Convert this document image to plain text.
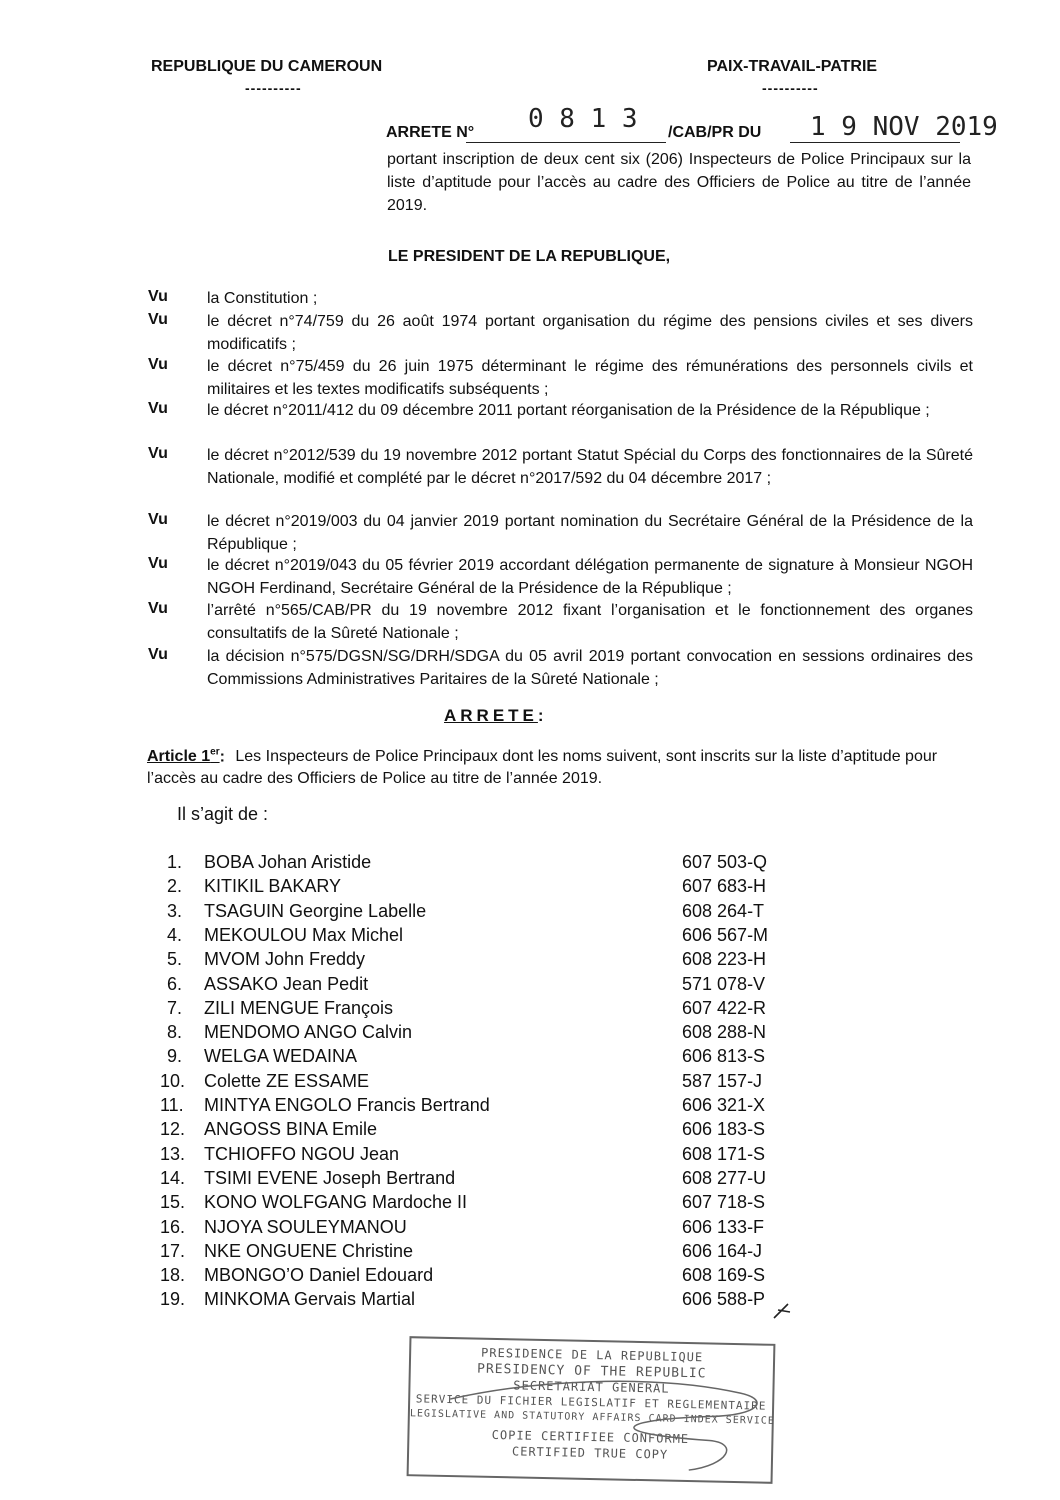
REPUBLIQUE DU CAMEROUN
----------
PAIX-TRAVAIL-PATRIE
----------
ARRETE N° 0 8 1 3 /CAB/PR DU 1 9 NOV 2019
portant inscription de deux cent six (206) Inspecteurs de Police Principaux sur la liste d’aptitude pour l’accès au cadre des Officiers de Police au titre de l’année 2019.
LE PRESIDENT DE LA REPUBLIQUE,
Vu la Constitution ;
Vu le décret n°74/759 du 26 août 1974 portant organisation du régime des pensions civiles et ses divers modificatifs ;
Vu le décret n°75/459 du 26 juin 1975 déterminant le régime des rémunérations des personnels civils et militaires et les textes modificatifs subséquents ;
Vu le décret n°2011/412 du 09 décembre 2011 portant réorganisation de la Présidence de la République ;
Vu le décret n°2012/539 du 19 novembre 2012 portant Statut Spécial du Corps des fonctionnaires de la Sûreté Nationale, modifié et complété par le décret n°2017/592 du 04 décembre 2017 ;
Vu le décret n°2019/003 du 04 janvier 2019 portant nomination du Secrétaire Général de la Présidence de la République ;
Vu le décret n°2019/043 du 05 février 2019 accordant délégation permanente de signature à Monsieur NGOH NGOH Ferdinand, Secrétaire Général de la Présidence de la République ;
Vu l’arrêté n°565/CAB/PR du 19 novembre 2012 fixant l’organisation et le fonctionnement des organes consultatifs de la Sûreté Nationale ;
Vu la décision n°575/DGSN/SG/DRH/SDGA du 05 avril 2019 portant convocation en sessions ordinaires des Commissions Administratives Paritaires de la Sûreté Nationale ;
ARRETE:
Article 1er: Les Inspecteurs de Police Principaux dont les noms suivent, sont inscrits sur la liste d’aptitude pour l’accès au cadre des Officiers de Police au titre de l’année 2019.
Il s’agit de :
1. BOBA Johan Aristide	607 503-Q
2. KITIKIL BAKARY	607 683-H
3. TSAGUIN Georgine Labelle	608 264-T
4. MEKOULOU Max Michel	606 567-M
5. MVOM John Freddy	608 223-H
6. ASSAKO Jean Pedit	571 078-V
7. ZILI MENGUE François	607 422-R
8. MENDOMO ANGO Calvin	608 288-N
9. WELGA WEDAINA	606 813-S
10. Colette ZE ESSAME	587 157-J
11. MINTYA ENGOLO Francis Bertrand	606 321-X
12. ANGOSS BINA Emile	606 183-S
13. TCHIOFFO NGOU Jean	608 171-S
14. TSIMI EVENE Joseph Bertrand	608 277-U
15. KONO WOLFGANG Mardoche II	607 718-S
16. NJOYA SOULEYMANOU	606 133-F
17. NKE ONGUENE Christine	606 164-J
18. MBONGO’O Daniel Edouard	608 169-S
19. MINKOMA Gervais Martial	606 588-P
PRESIDENCE DE LA REPUBLIQUE
PRESIDENCY OF THE REPUBLIC
SECRETARIAT GENERAL
SERVICE DU FICHIER LEGISLATIF ET REGLEMENTAIRE
LEGISLATIVE AND STATUTORY AFFAIRS CARD INDEX SERVICE
COPIE CERTIFIEE CONFORME
CERTIFIED TRUE COPY
